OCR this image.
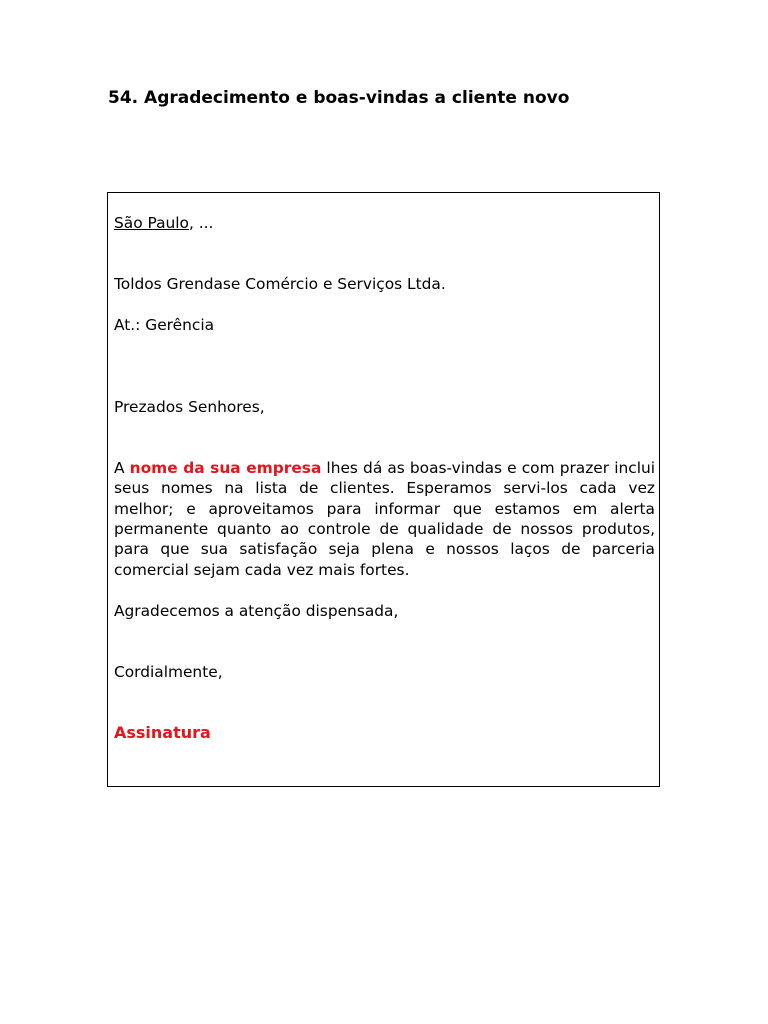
54. Agradecimento e boas-vindas a cliente novo

São Paulo, ...

Toldos Grendase Comércio e Serviços Ltda.

At.: Gerência

Prezados Senhores,

A nome da sua empresa lhes dá as boas-vindas e com prazer inclui seus nomes na lista de clientes. Esperamos servi-los cada vez melhor; e aproveitamos para informar que estamos em alerta permanente quanto ao controle de qualidade de nossos produtos, para que sua satisfação seja plena e nossos laços de parceria comercial sejam cada vez mais fortes.

Agradecemos a atenção dispensada,

Cordialmente,

Assinatura
